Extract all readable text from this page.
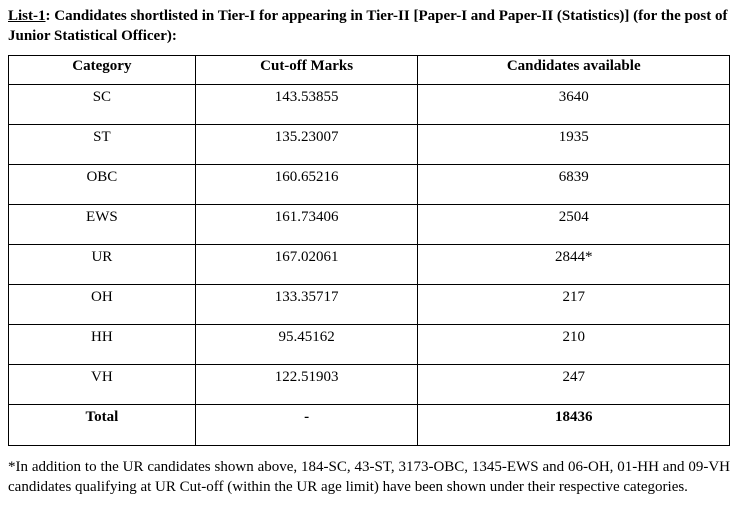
List-1: Candidates shortlisted in Tier-I for appearing in Tier-II [Paper-I and Paper-II (Statistics)] (for the post of Junior Statistical Officer):
Category	Cut-off Marks	Candidates available
SC	143.53855	3640
ST	135.23007	1935
OBC	160.65216	6839
EWS	161.73406	2504
UR	167.02061	2844*
OH	133.35717	217
HH	95.45162	210
VH	122.51903	247
Total	-	18436
*In addition to the UR candidates shown above, 184-SC, 43-ST, 3173-OBC, 1345-EWS and 06-OH, 01-HH and 09-VH candidates qualifying at UR Cut-off (within the UR age limit) have been shown under their respective categories.
